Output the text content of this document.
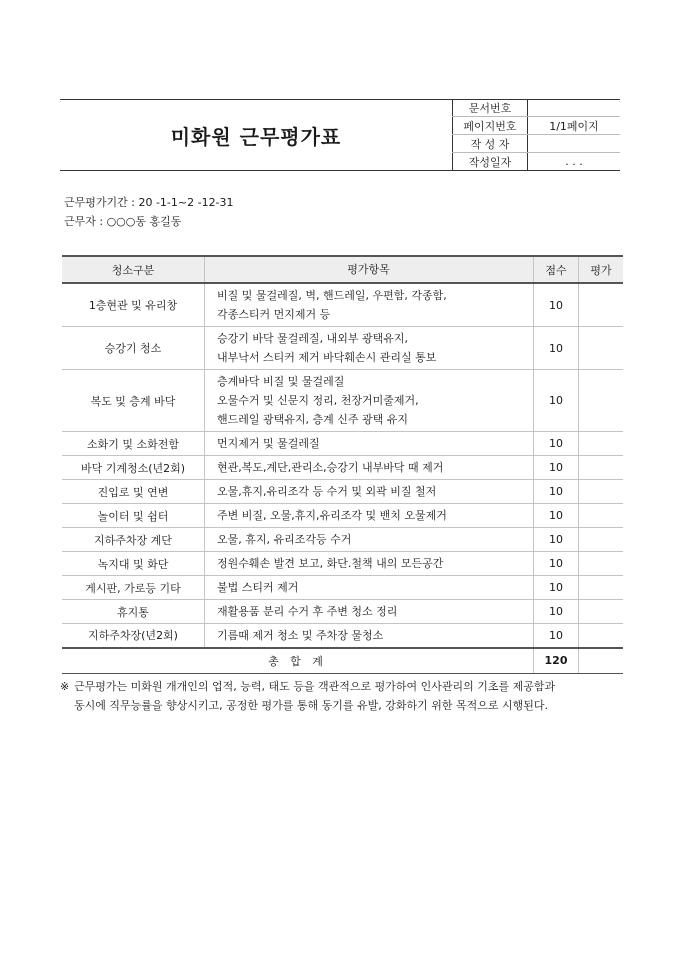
미화원 근무평가표
문서번호	
페이지번호	1/1페이지
작 성 자	
작성일자	. . .
근무평가기간 : 20 -1-1~2 -12-31
근무자 : ○○○동 홍길동
청소구분	평가항목	점수	평가
1층현관 및 유리창	비질 및 물걸레질, 벽, 핸드레일, 우편함, 각종함,
각종스티커 먼지제거 등	10	
승강기 청소	승강기 바닥 물걸레질, 내외부 광택유지,
내부낙서 스티커 제거 바닥훼손시 관리실 통보	10	
복도 및 층계 바닥	층계바닥 비질 및 물걸레질
오물수거 및 신문지 정리, 천장거미줄제거,
핸드레일 광택유지, 층계 신주 광택 유지	10	
소화기 및 소화전함	먼지제거 및 물걸레질	10	
바닥 기계청소(년2회)	현관,복도,계단,관리소,승강기 내부바닥 때 제거	10	
진입로 및 연변	오물,휴지,유리조각 등 수거 및 외곽 비질 철저	10	
놀이터 및 쉼터	주변 비질, 오물,휴지,유리조각 및 밴치 오물제거	10	
지하주차장 계단	오물, 휴지, 유리조각등 수거	10	
녹지대 및 화단	정원수훼손 발견 보고, 화단.철책 내의 모든공간	10	
게시판, 가로등 기타	불법 스티커 제거	10	
휴지통	재활용품 분리 수거 후 주변 청소 정리	10	
지하주차장(년2회)	기름때 제거 청소 및 주차장 물청소	10	
총 합 계		120	
※ 근무평가는 미화원 개개인의 업적, 능력, 태도 등을 객관적으로 평가하여 인사관리의 기초를 제공함과
동시에 직무능률을 향상시키고, 공정한 평가를 통해 동기를 유발, 강화하기 위한 목적으로 시행된다.
